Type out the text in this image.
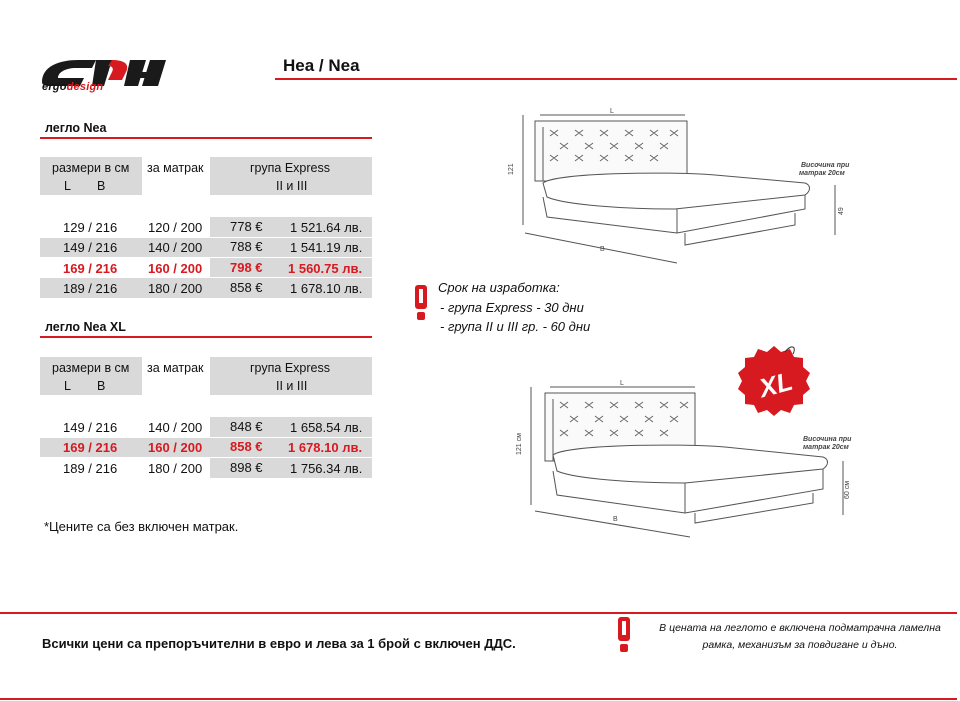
ergodesign
Неа / Nea
легло Nea
размери в см
L B
за матрак	група Express
II и III
129 / 216 120 / 200 778 € 1 521.64 лв.
149 / 216 140 / 200 788 € 1 541.19 лв.
169 / 216 160 / 200 798 € 1 560.75 лв.
189 / 216 180 / 200 858 € 1 678.10 лв.
легло Nea XL
размери в см
L B
за матрак	група Express
II и III
149 / 216 140 / 200 848 € 1 658.54 лв.
169 / 216 160 / 200 858 € 1 678.10 лв.
189 / 216 180 / 200 898 € 1 756.34 лв.
*Цените са без включен матрак.
Срок на изработка:
- група Express - 30 дни
- група II и III гр. - 60 дни
L
B
121
49
Височина при
матрак 20см
XL
L
B
121 см
60 см
Височина при
матрак 20см
Всички цени са препоръчителни в евро и лева за 1 брой с включен ДДС.
В цената на леглото е включена подматрачна ламелна
рамка, механизъм за повдигане и дъно.
